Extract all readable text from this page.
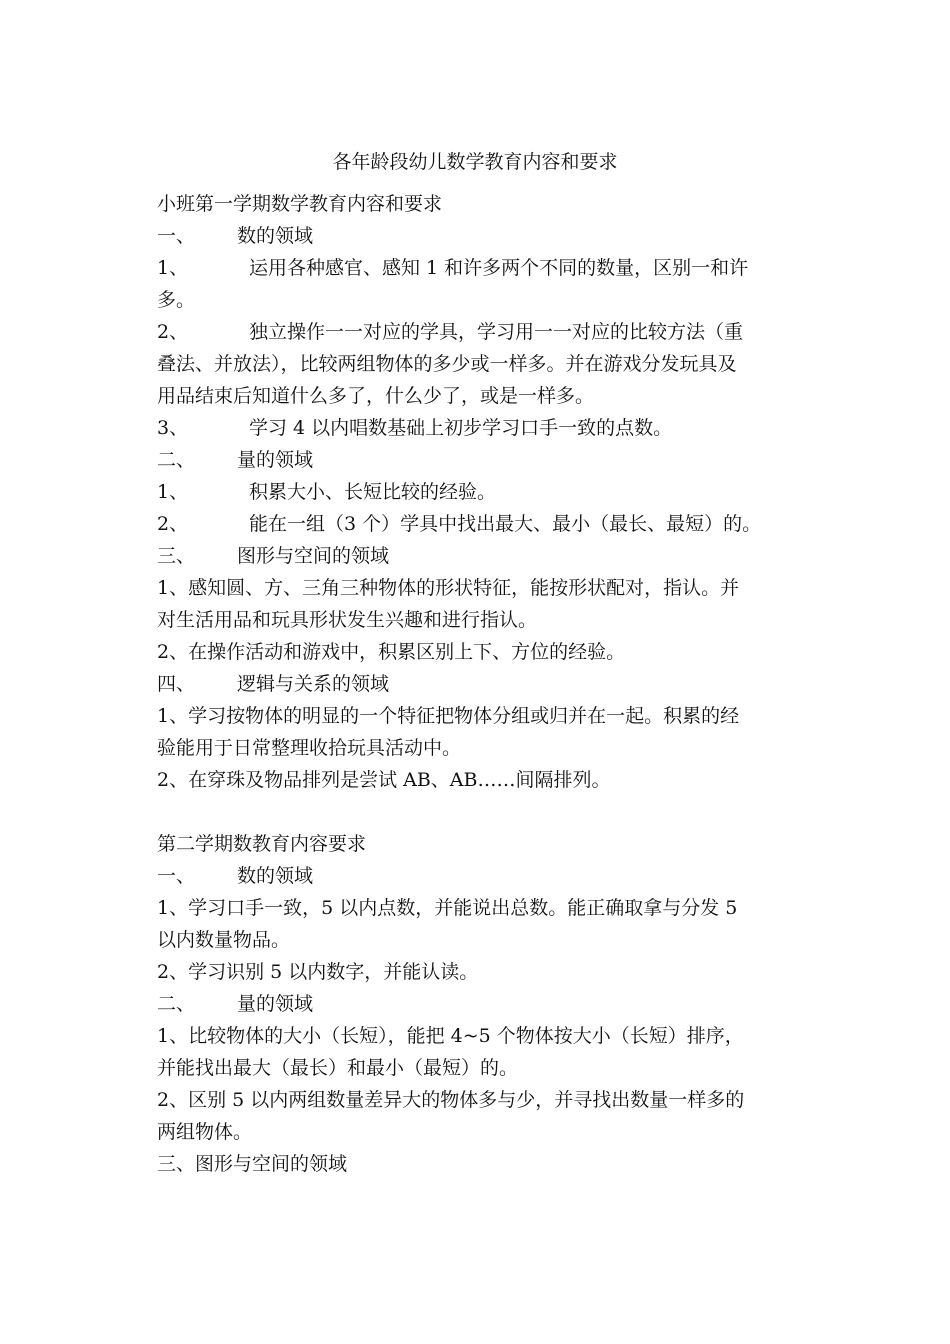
各年龄段幼儿数学教育内容和要求

小班第一学期数学教育内容和要求

一、 数的领域

1、	运用各种感官、感知 1 和许多两个不同的数量，区别一和许

多。

2、	独立操作一一对应的学具，学习用一一对应的比较方法（重

叠法、并放法），比较两组物体的多少或一样多。并在游戏分发玩具及

用品结束后知道什么多了，什么少了，或是一样多。

3、	学习 4 以内唱数基础上初步学习口手一致的点数。

二、 量的领域

1、	积累大小、长短比较的经验。

2、	能在一组（3 个）学具中找出最大、最小（最长、最短）的。

三、 图形与空间的领域

1、感知圆、方、三角三种物体的形状特征，能按形状配对，指认。并

对生活用品和玩具形状发生兴趣和进行指认。

2、在操作活动和游戏中，积累区别上下、方位的经验。

四、 逻辑与关系的领域

1、学习按物体的明显的一个特征把物体分组或归并在一起。积累的经

验能用于日常整理收拾玩具活动中。

2、在穿珠及物品排列是尝试 AB、AB……间隔排列。

第二学期数教育内容要求

一、 数的领域

1、学习口手一致，5 以内点数，并能说出总数。能正确取拿与分发 5

以内数量物品。

2、学习识别 5 以内数字，并能认读。

二、 量的领域

1、比较物体的大小（长短），能把 4~5 个物体按大小（长短）排序，

并能找出最大（最长）和最小（最短）的。

2、区别 5 以内两组数量差异大的物体多与少，并寻找出数量一样多的

两组物体。

三、图形与空间的领域
